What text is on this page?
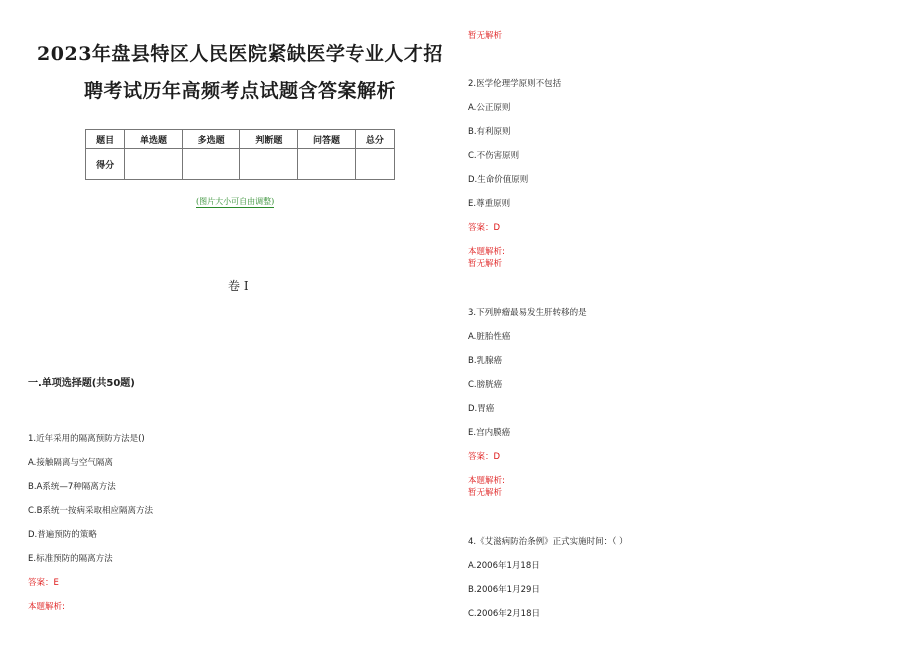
2023年盘县特区人民医院紧缺医学专业人才招聘考试历年高频考点试题含答案解析
题目	单选题	多选题	判断题	问答题	总分
得分					
(图片大小可自由调整)
卷 I
一.单项选择题(共50题)
1.近年采用的隔离预防方法是()
A.接触隔离与空气隔离
B.A系统—7种隔离方法
C.B系统一按病采取相应隔离方法
D.普遍预防的策略
E.标准预防的隔离方法
答案：E
本题解析:
暂无解析
2.医学伦理学原则不包括
A.公正原则
B.有利原则
C.不伤害原则
D.生命价值原则
E.尊重原则
答案：D
本题解析:
暂无解析
3.下列肿瘤最易发生肝转移的是
A.脏胎性癌
B.乳腺癌
C.膀胱癌
D.胃癌
E.宫内膜癌
答案：D
本题解析:
暂无解析
4.《艾滋病防治条例》正式实施时间：（ ）
A.2006年1月18日
B.2006年1月29日
C.2006年2月18日
